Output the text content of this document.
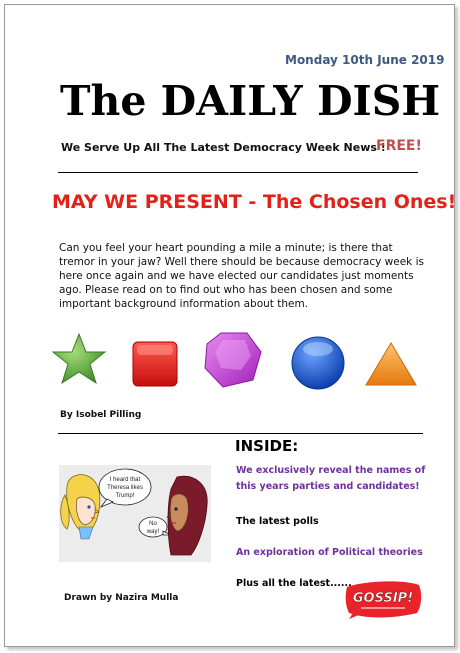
Monday 10th June 2019
The DAILY DISH
We Serve Up All The Latest Democracy Week News !
FREE!
MAY WE PRESENT - The Chosen Ones!
Can you feel your heart pounding a mile a minute; is there that tremor in your jaw? Well there should be because democracy week is here once again and we have elected our candidates just moments ago. Please read on to find out who has been chosen and some important background information about them.
By Isobel Pilling
INSIDE:
We exclusively reveal the names of this years parties and candidates!
The latest polls
An exploration of Political theories
Plus all the latest......
I heard that
Theresa likes
Trump!
No
way!
Drawn by Nazira Mulla	GOSSIP!
